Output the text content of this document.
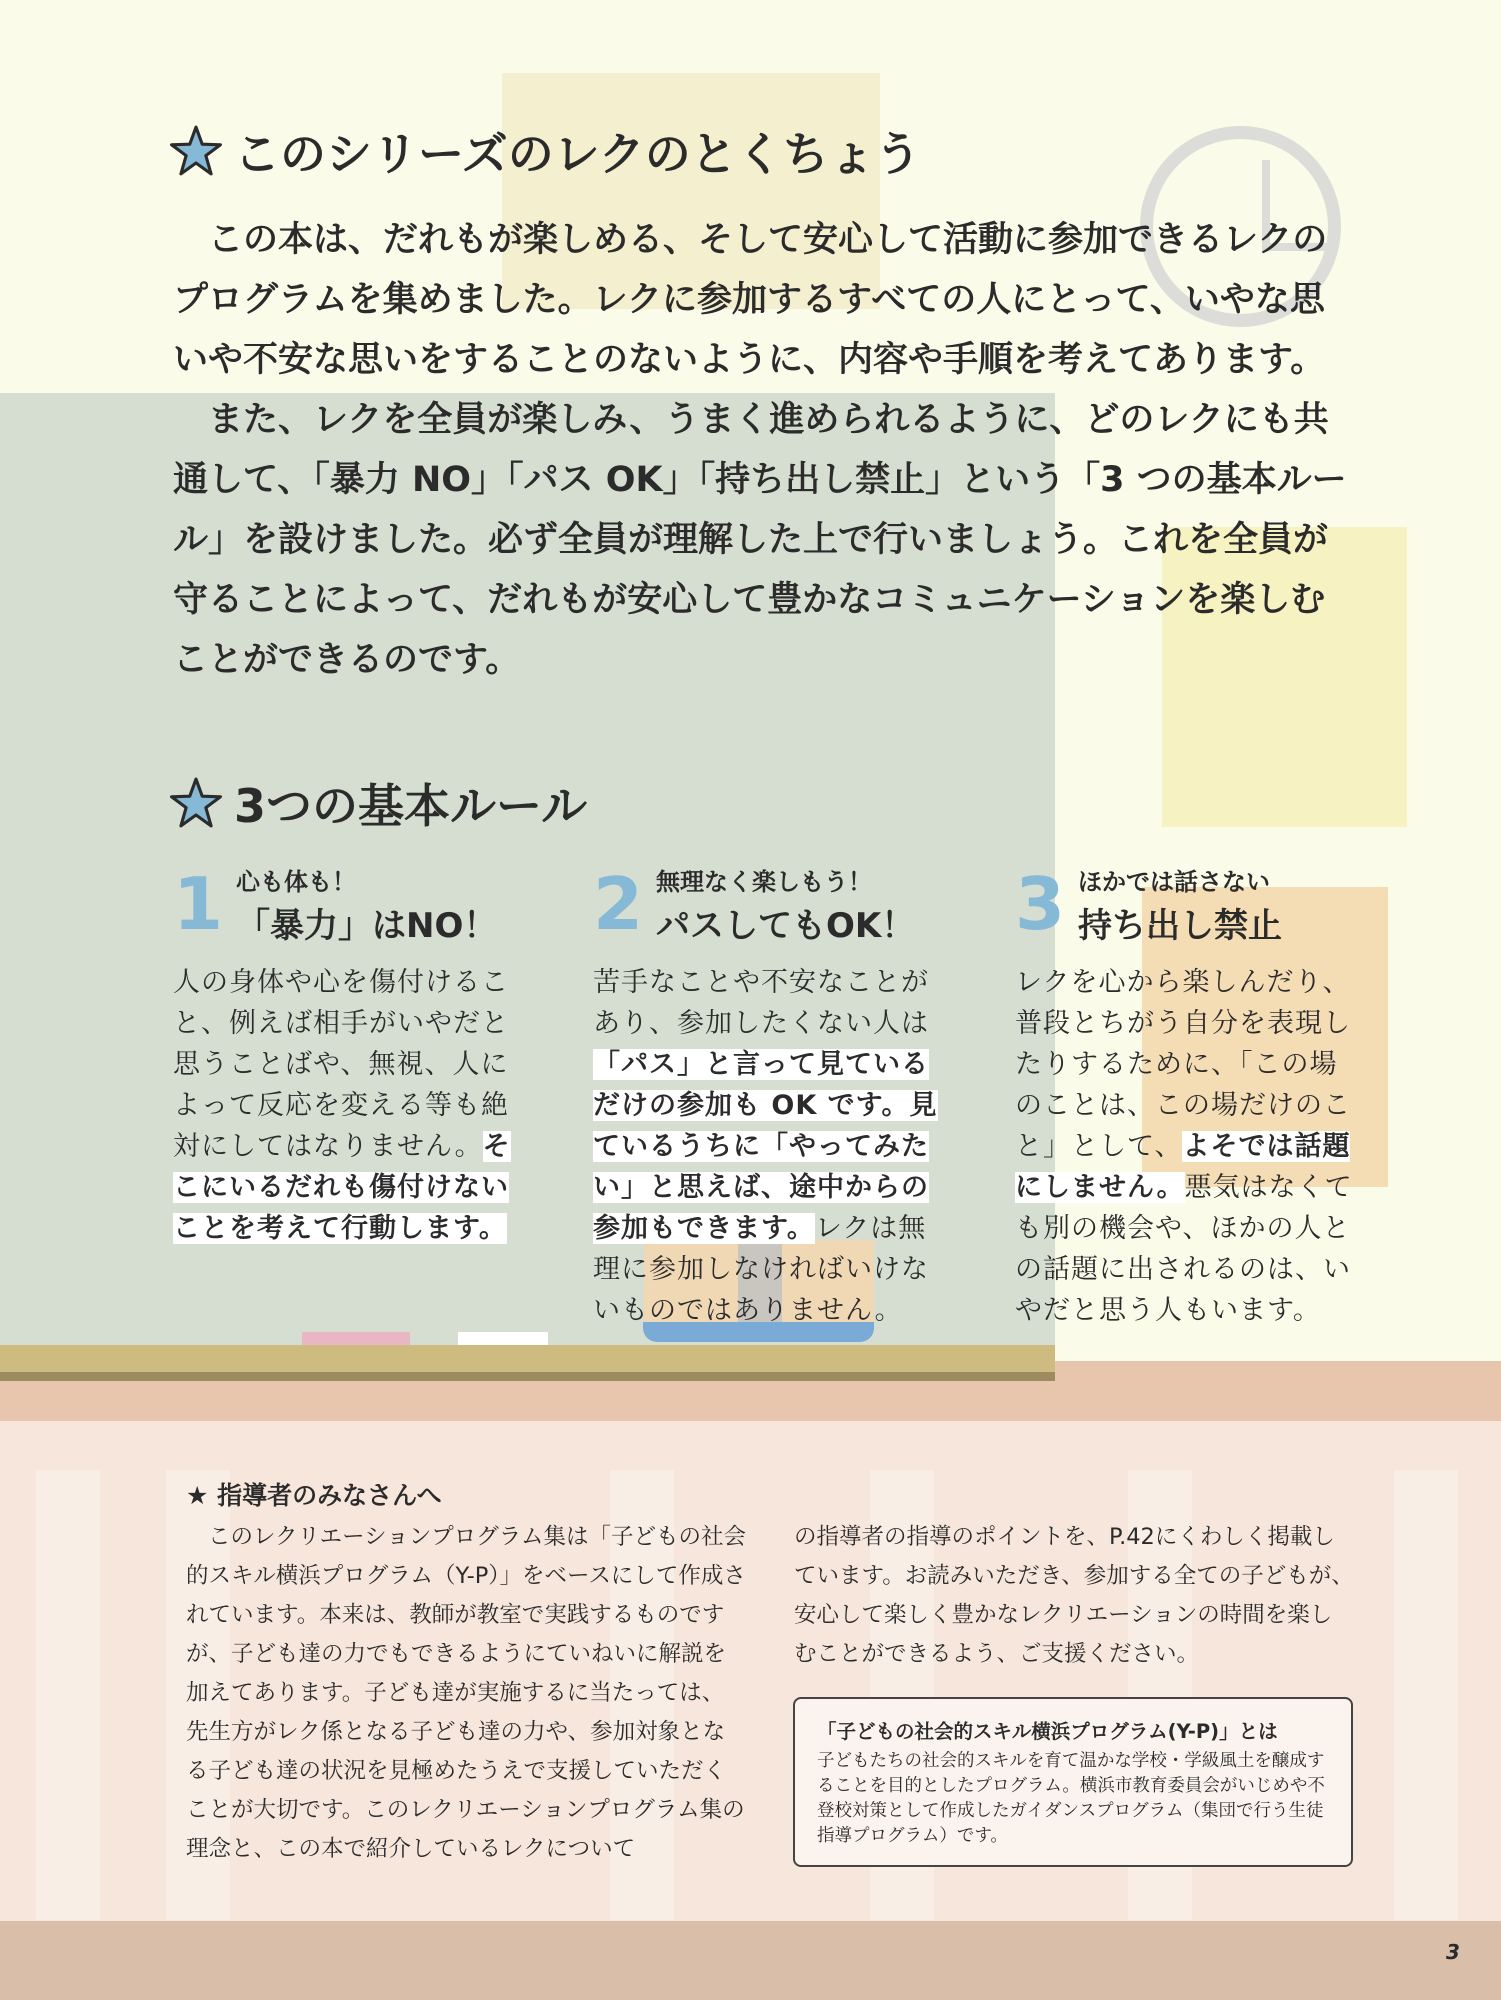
このシリーズのレクのとくちょう

この本は、だれもが楽しめる、そして安心して活動に参加できるレクのプログラムを集めました。レクに参加するすべての人にとって、いやな思いや不安な思いをすることのないように、内容や手順を考えてあります。

また、レクを全員が楽しみ、うまく進められるように、どのレクにも共通して、「暴力 NO」「パス OK」「持ち出し禁止」という「3 つの基本ルール」を設けました。必ず全員が理解した上で行いましょう。これを全員が守ることによって、だれもが安心して豊かなコミュニケーションを楽しむことができるのです。

3つの基本ルール
1 心も体も！
「暴力」はNO！
人の身体や心を傷付けること、例えば相手がいやだと思うことばや、無視、人によって反応を変える等も絶対にしてはなりません。そこにいるだれも傷付けないことを考えて行動します。
2 無理なく楽しもう！
パスしてもOK！
苦手なことや不安なことがあり、参加したくない人は「パス」と言って見ているだけの参加も OK です。見ているうちに「やってみたい」と思えば、途中からの参加もできます。レクは無理に参加しなければいけないものではありません。
3 ほかでは話さない
持ち出し禁止
レクを心から楽しんだり、普段とちがう自分を表現したりするために、「この場のことは、この場だけのこと」として、よそでは話題にしません。悪気はなくても別の機会や、ほかの人との話題に出されるのは、いやだと思う人もいます。
★ 指導者のみなさんへ

このレクリエーションプログラム集は「子どもの社会的スキル横浜プログラム（Y-P）」をベースにして作成されています。本来は、教師が教室で実践するものですが、子ども達の力でもできるようにていねいに解説を加えてあります。子ども達が実施するに当たっては、先生方がレク係となる子ども達の力や、参加対象となる子ども達の状況を見極めたうえで支援していただくことが大切です。このレクリエーションプログラム集の理念と、この本で紹介しているレクについて

の指導者の指導のポイントを、P.42にくわしく掲載しています。お読みいただき、参加する全ての子どもが、安心して楽しく豊かなレクリエーションの時間を楽しむことができるよう、ご支援ください。

「子どもの社会的スキル横浜プログラム(Y-P)」とは
子どもたちの社会的スキルを育て温かな学校・学級風土を醸成することを目的としたプログラム。横浜市教育委員会がいじめや不登校対策として作成したガイダンスプログラム（集団で行う生徒指導プログラム）です。
3
